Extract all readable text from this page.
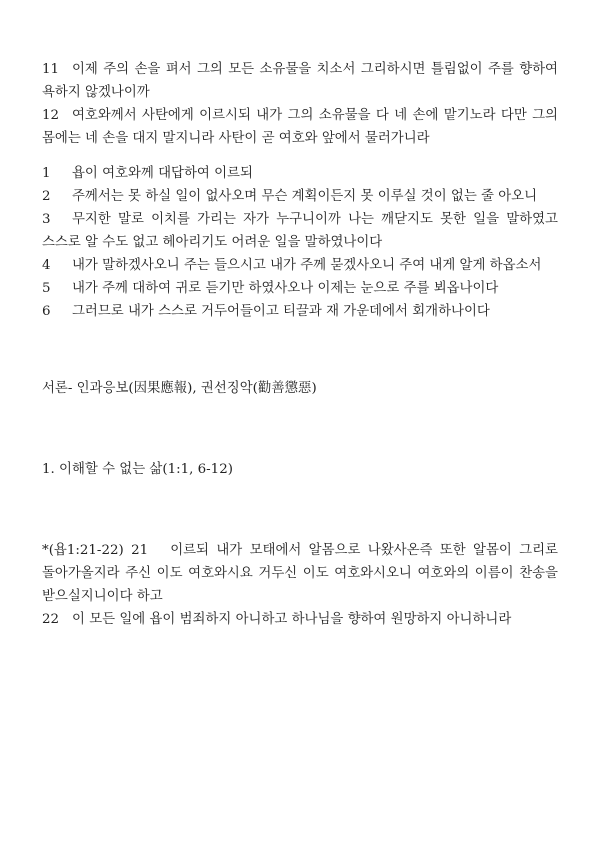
11 이제 주의 손을 펴서 그의 모든 소유물을 치소서 그리하시면 틀림없이 주를 향하여 욕하지 않겠나이까

12 여호와께서 사탄에게 이르시되 내가 그의 소유물을 다 네 손에 맡기노라 다만 그의 몸에는 네 손을 대지 말지니라 사탄이 곧 여호와 앞에서 물러가니라

1 욥이 여호와께 대답하여 이르되

2 주께서는 못 하실 일이 없사오며 무슨 계획이든지 못 이루실 것이 없는 줄 아오니

3 무지한 말로 이치를 가리는 자가 누구니이까 나는 깨닫지도 못한 일을 말하였고 스스로 알 수도 없고 헤아리기도 어려운 일을 말하였나이다

4 내가 말하겠사오니 주는 들으시고 내가 주께 묻겠사오니 주여 내게 알게 하옵소서

5 내가 주께 대하여 귀로 듣기만 하였사오나 이제는 눈으로 주를 뵈옵나이다

6 그러므로 내가 스스로 거두어들이고 티끌과 재 가운데에서 회개하나이다

서론- 인과응보(因果應報), 권선징악(勸善懲惡)

1. 이해할 수 없는 삶(1:1, 6-12)

*(욥1:21-22) 21 이르되 내가 모태에서 알몸으로 나왔사온즉 또한 알몸이 그리로 돌아가올지라 주신 이도 여호와시요 거두신 이도 여호와시오니 여호와의 이름이 찬송을 받으실지니이다 하고

22 이 모든 일에 욥이 범죄하지 아니하고 하나님을 향하여 원망하지 아니하니라
